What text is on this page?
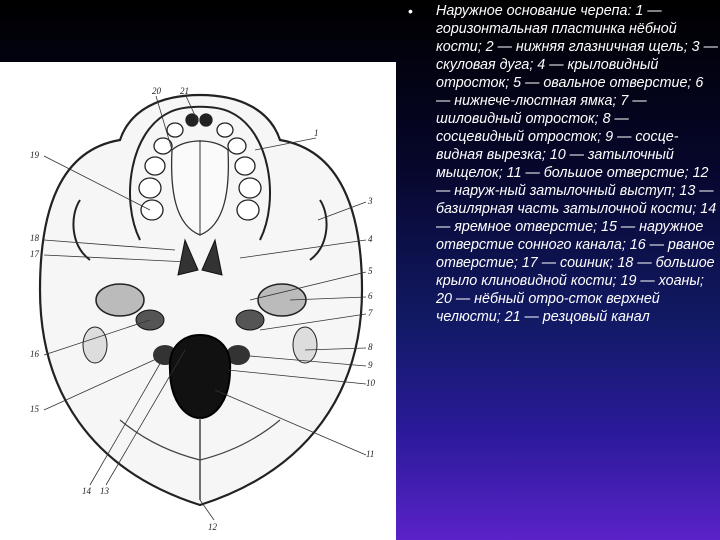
20 21
1
19
3
18
17
4
5
6
7
8
9
10
11
16
15
14 13
12
• Наружное основание черепа: 1 — горизонтальная пластинка нёбной кости; 2 — нижняя глазничная щель; 3 — скуловая дуга; 4 — крыловидный отросток; 5 — овальное отверстие; 6 — нижнече-люстная ямка; 7 — шиловидный отросток; 8 — сосцевидный отросток; 9 — сосце-видная вырезка; 10 — затылочный мыщелок; 11 — большое отверстие; 12— наруж-ный затылочный выступ; 13 — базилярная часть затылочной кости; 14 — яремное отверстие; 15 — наружное отверстие сонного канала; 16 — рваное отверстие; 17 — сошник; 18 — большое крыло клиновидной кости; 19 — хоаны; 20 — нёбный отро-сток верхней челюсти; 21 — резцовый канал
